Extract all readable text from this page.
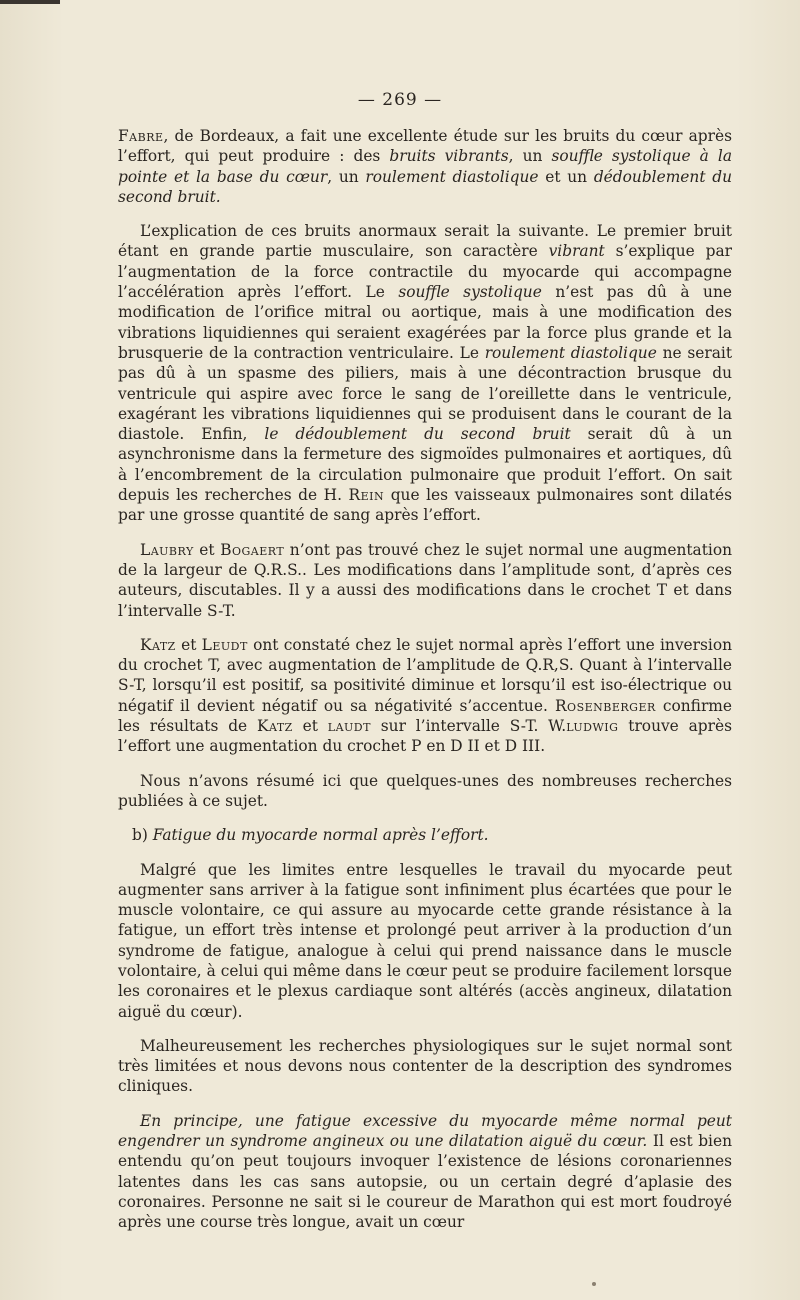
— 269 —

Fabre, de Bordeaux, a fait une excellente étude sur les bruits du cœur après l’effort, qui peut produire : des bruits vibrants, un souffle systolique à la pointe et la base du cœur, un roulement diastolique et un dédoublement du second bruit.

L’explication de ces bruits anormaux serait la suivante. Le premier bruit étant en grande partie musculaire, son caractère vibrant s’explique par l’augmentation de la force contractile du myocarde qui accompagne l’accélération après l’effort. Le souffle systolique n’est pas dû à une modification de l’orifice mitral ou aortique, mais à une modification des vibrations liquidiennes qui seraient exagérées par la force plus grande et la brusquerie de la contraction ventriculaire. Le roulement diastolique ne serait pas dû à un spasme des piliers, mais à une décontraction brusque du ventricule qui aspire avec force le sang de l’oreillette dans le ventricule, exagérant les vibrations liquidiennes qui se produisent dans le courant de la diastole. Enfin, le dédoublement du second bruit serait dû à un asynchronisme dans la fermeture des sigmoïdes pulmonaires et aortiques, dû à l’encombrement de la circulation pulmonaire que produit l’effort. On sait depuis les recherches de H. Rein que les vaisseaux pulmonaires sont dilatés par une grosse quantité de sang après l’effort.

Laubry et Bogaert n’ont pas trouvé chez le sujet normal une augmentation de la largeur de Q.R.S.. Les modifications dans l’amplitude sont, d’après ces auteurs, discutables. Il y a aussi des modifications dans le crochet T et dans l’intervalle S-T.

Katz et Leudt ont constaté chez le sujet normal après l’effort une inversion du crochet T, avec augmentation de l’amplitude de Q.R,S. Quant à l’intervalle S-T, lorsqu’il est positif, sa positivité diminue et lorsqu’il est iso-électrique ou négatif il devient négatif ou sa négativité s’accentue. Rosenberger confirme les résultats de Katz et laudt sur l’intervalle S-T. W.ludwig trouve après l’effort une augmentation du crochet P en D II et D III.

Nous n’avons résumé ici que quelques-unes des nombreuses recherches publiées à ce sujet.

b) Fatigue du myocarde normal après l’effort.

Malgré que les limites entre lesquelles le travail du myocarde peut augmenter sans arriver à la fatigue sont infiniment plus écartées que pour le muscle volontaire, ce qui assure au myocarde cette grande résistance à la fatigue, un effort très intense et prolongé peut arriver à la production d’un syndrome de fatigue, analogue à celui qui prend naissance dans le muscle volontaire, à celui qui même dans le cœur peut se produire facilement lorsque les coronaires et le plexus cardiaque sont altérés (accès angineux, dilatation aiguë du cœur).

Malheureusement les recherches physiologiques sur le sujet normal sont très limitées et nous devons nous contenter de la description des syndromes cliniques.

En principe, une fatigue excessive du myocarde même normal peut engendrer un syndrome angineux ou une dilatation aiguë du cœur. Il est bien entendu qu’on peut toujours invoquer l’existence de lésions coronariennes latentes dans les cas sans autopsie, ou un certain degré d’aplasie des coronaires. Personne ne sait si le coureur de Marathon qui est mort foudroyé après une course très longue, avait un cœur
